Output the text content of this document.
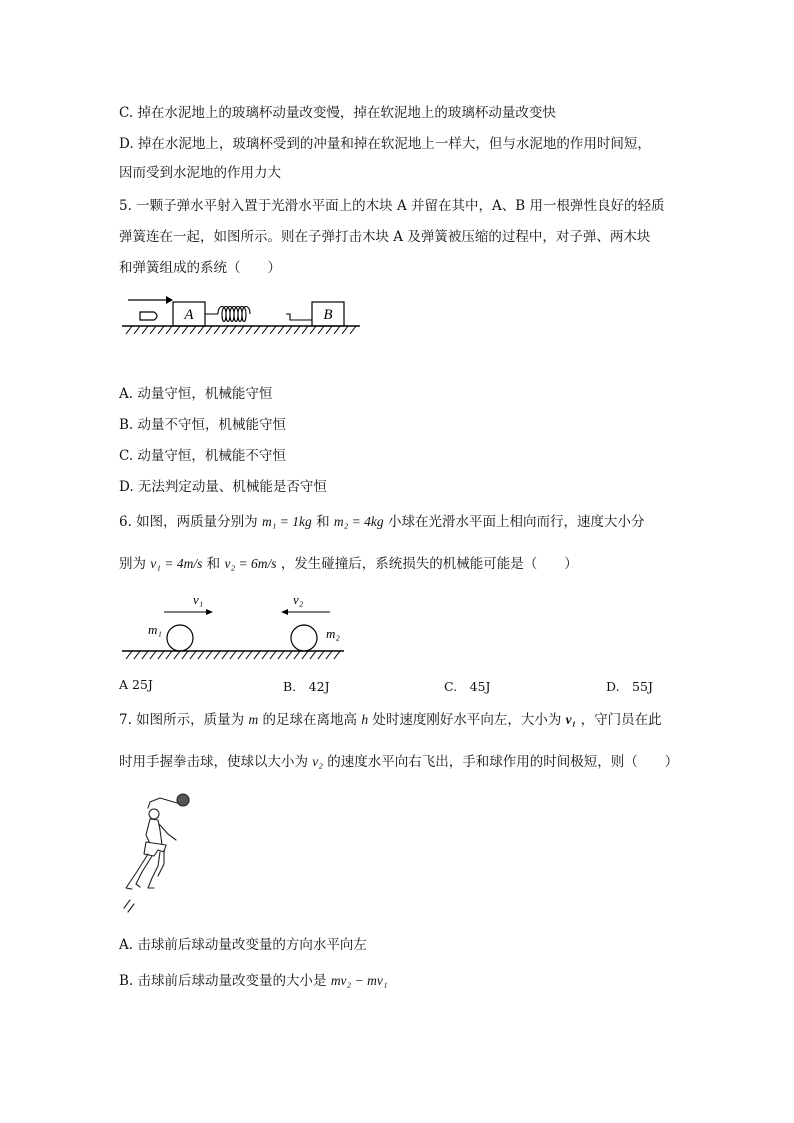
C. 掉在水泥地上的玻璃杯动量改变慢，掉在软泥地上的玻璃杯动量改变快
D. 掉在水泥地上，玻璃杯受到的冲量和掉在软泥地上一样大，但与水泥地的作用时间短，
因而受到水泥地的作用力大
5. 一颗子弹水平射入置于光滑水平面上的木块 A 并留在其中，A、B 用一根弹性良好的轻质
弹簧连在一起，如图所示。则在子弹打击木块 A 及弹簧被压缩的过程中，对子弹、两木块
和弹簧组成的系统（　　）
A	B
A. 动量守恒，机械能守恒
B. 动量不守恒，机械能守恒
C. 动量守恒，机械能不守恒
D. 无法判定动量、机械能是否守恒
6. 如图，两质量分别为 m₁ = 1kg 和 m₂ = 4kg 小球在光滑水平面上相向而行，速度大小分
别为 v₁ = 4m/s 和 v₂ = 6m/s ，发生碰撞后，系统损失的机械能可能是（　　）
v₁	v₂
m₁	m₂
A 25J	B.　42J	C.　45J	D.　55J
7. 如图所示，质量为 m 的足球在离地高 h 处时速度刚好水平向左，大小为 v₁ ，守门员在此
时用手握拳击球，使球以大小为 v₂ 的速度水平向右飞出，手和球作用的时间极短，则（　　）
A. 击球前后球动量改变量的方向水平向左
B. 击球前后球动量改变量的大小是 mv₂ − mv₁
